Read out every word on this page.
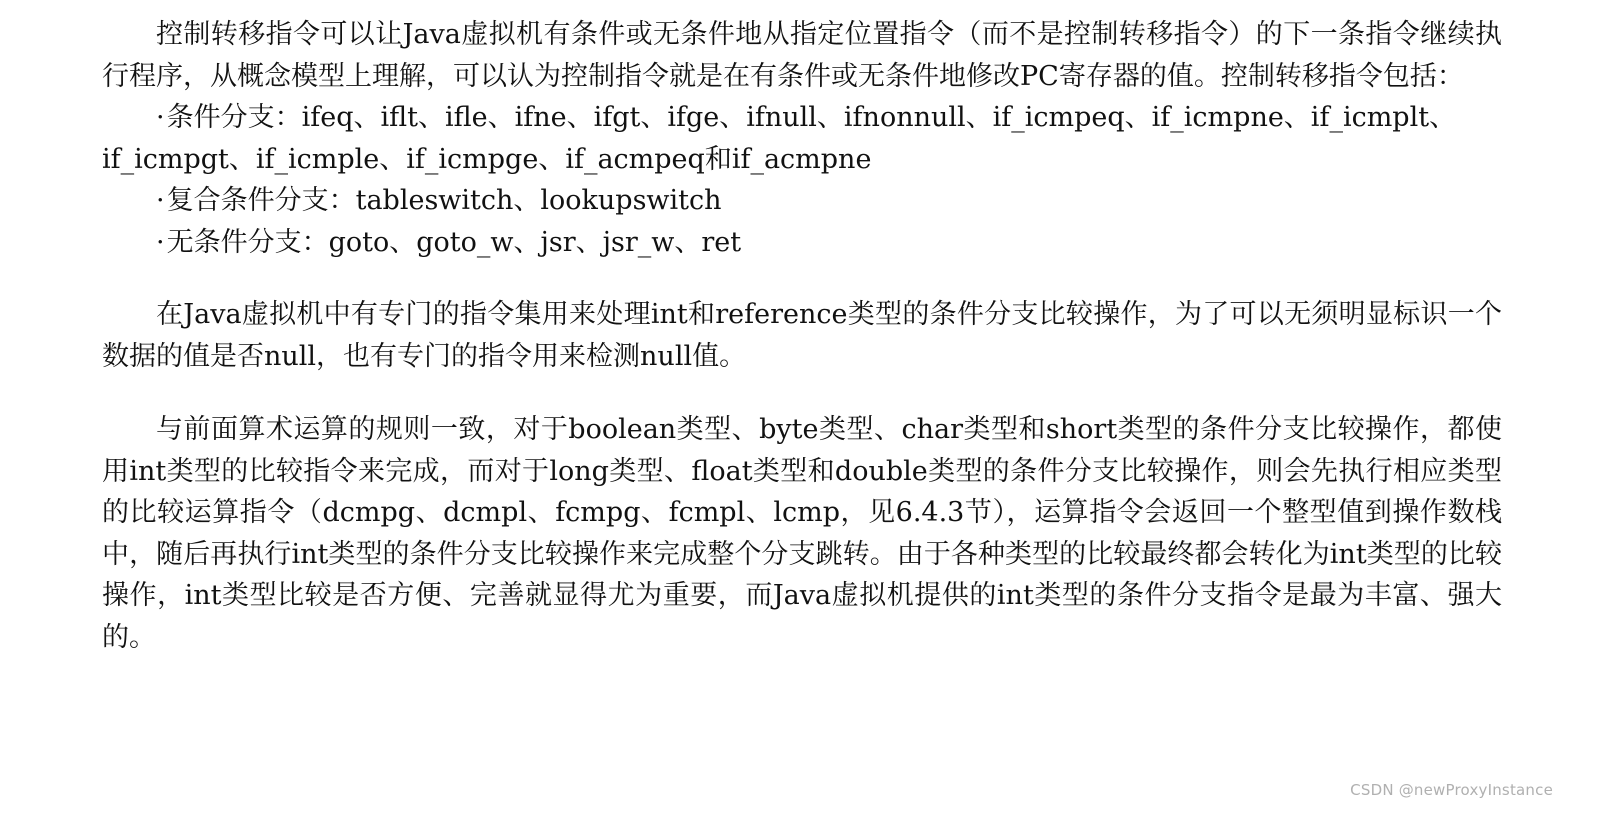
控制转移指令可以让Java虚拟机有条件或无条件地从指定位置指令（而不是控制转移指令）的下一条指令继续执行程序，从概念模型上理解，可以认为控制指令就是在有条件或无条件地修改PC寄存器的值。控制转移指令包括：

·条件分支：ifeq、iflt、ifle、ifne、ifgt、ifge、ifnull、ifnonnull、if_icmpeq、if_icmpne、if_icmplt、if_icmpgt、if_icmple、if_icmpge、if_acmpeq和if_acmpne

·复合条件分支：tableswitch、lookupswitch

·无条件分支：goto、goto_w、jsr、jsr_w、ret

在Java虚拟机中有专门的指令集用来处理int和reference类型的条件分支比较操作，为了可以无须明显标识一个数据的值是否null，也有专门的指令用来检测null值。

与前面算术运算的规则一致，对于boolean类型、byte类型、char类型和short类型的条件分支比较操作，都使用int类型的比较指令来完成，而对于long类型、float类型和double类型的条件分支比较操作，则会先执行相应类型的比较运算指令（dcmpg、dcmpl、fcmpg、fcmpl、lcmp，见6.4.3节），运算指令会返回一个整型值到操作数栈中，随后再执行int类型的条件分支比较操作来完成整个分支跳转。由于各种类型的比较最终都会转化为int类型的比较操作，int类型比较是否方便、完善就显得尤为重要，而Java虚拟机提供的int类型的条件分支指令是最为丰富、强大的。

CSDN @newProxyInstance
